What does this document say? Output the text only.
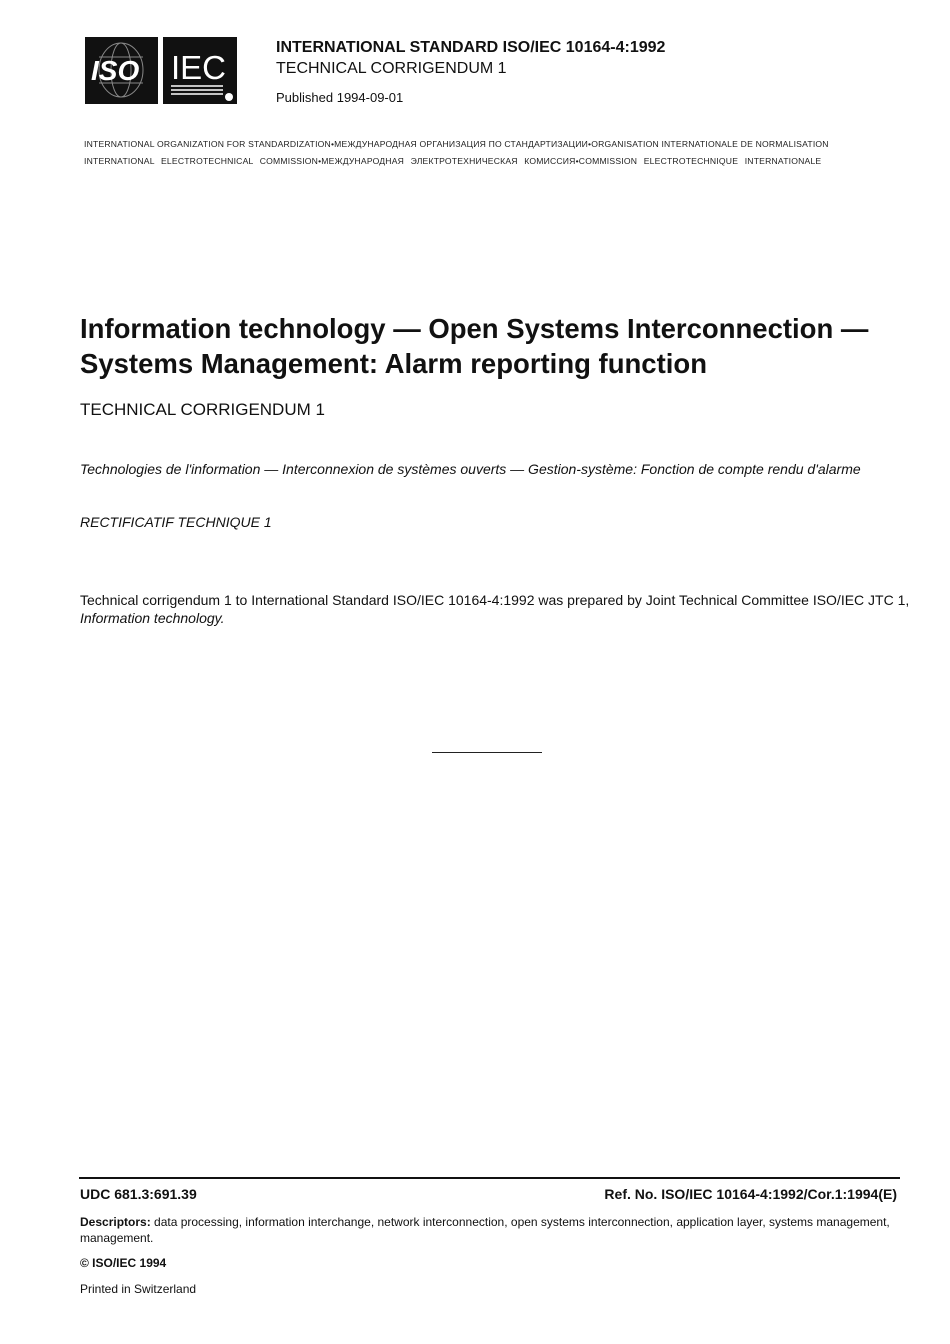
ISO IEC
INTERNATIONAL STANDARD ISO/IEC 10164-4:1992
TECHNICAL CORRIGENDUM 1
Published 1994-09-01
INTERNATIONAL ORGANIZATION FOR STANDARDIZATION•МЕЖДУНАРОДНАЯ ОРГАНИЗАЦИЯ ПО СТАНДАРТИЗАЦИИ•ORGANISATION INTERNATIONALE DE NORMALISATION
INTERNATIONAL ELECTROTECHNICAL COMMISSION•МЕЖДУНАРОДНАЯ ЭЛЕКТРОТЕХНИЧЕСКАЯ КОМИССИЯ•COMMISSION ELECTROTECHNIQUE INTERNATIONALE
Information technology — Open Systems Interconnection —
Systems Management: Alarm reporting function
TECHNICAL CORRIGENDUM 1
Technologies de l'information — Interconnexion de systèmes ouverts — Gestion-système: Fonction de compte rendu d'alarme
RECTIFICATIF TECHNIQUE 1
Technical corrigendum 1 to International Standard ISO/IEC 10164-4:1992 was prepared by Joint Technical Committee ISO/IEC JTC 1, Information technology.
UDC 681.3:691.39	Ref. No. ISO/IEC 10164-4:1992/Cor.1:1994(E)
Descriptors: data processing, information interchange, network interconnection, open systems interconnection, application layer, systems management, management.
© ISO/IEC 1994
Printed in Switzerland
